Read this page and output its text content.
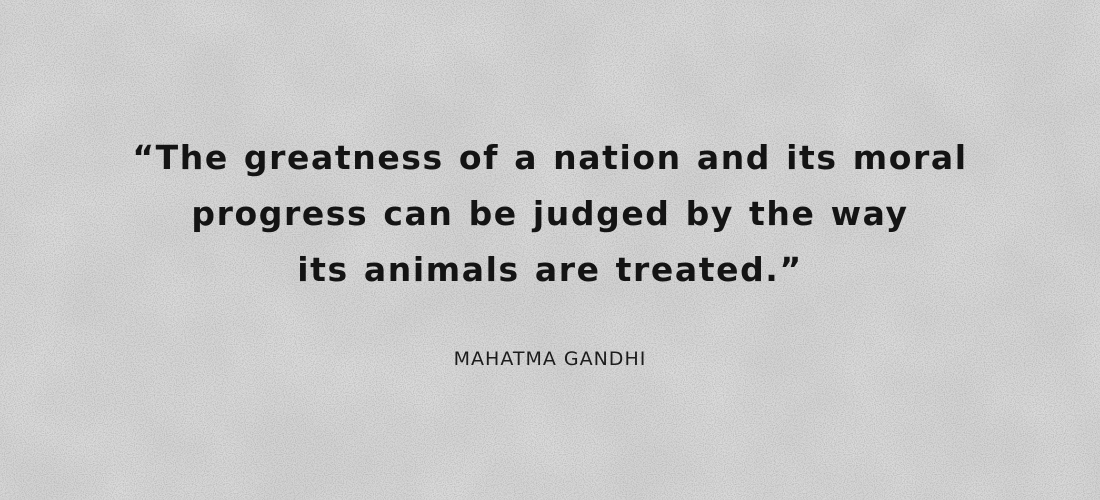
“The greatness of a nation and its moral
progress can be judged by the way
its animals are treated.”

MAHATMA GANDHI
